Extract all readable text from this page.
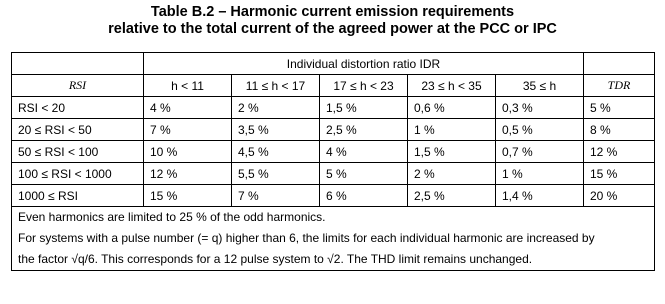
Table B.2 – Harmonic current emission requirements
relative to the total current of the agreed power at the PCC or IPC
	Individual distortion ratio IDR					
RSI	h < 11	11 ≤ h < 17	17 ≤ h < 23	23 ≤ h < 35	35 ≤ h	TDR
RSI < 20	4 %	2 %	1,5 %	0,6 %	0,3 %	5 %
20 ≤ RSI < 50	7 %	3,5 %	2,5 %	1 %	0,5 %	8 %
50 ≤ RSI < 100	10 %	4,5 %	4 %	1,5 %	0,7 %	12 %
100 ≤ RSI < 1000	12 %	5,5 %	5 %	2 %	1 %	15 %
1000 ≤ RSI	15 %	7 %	6 %	2,5 %	1,4 %	20 %

Even harmonics are limited to 25 % of the odd harmonics.
For systems with a pulse number (= q) higher than 6, the limits for each individual harmonic are increased by
the factor √q/6. This corresponds for a 12 pulse system to √2. The THD limit remains unchanged.						
